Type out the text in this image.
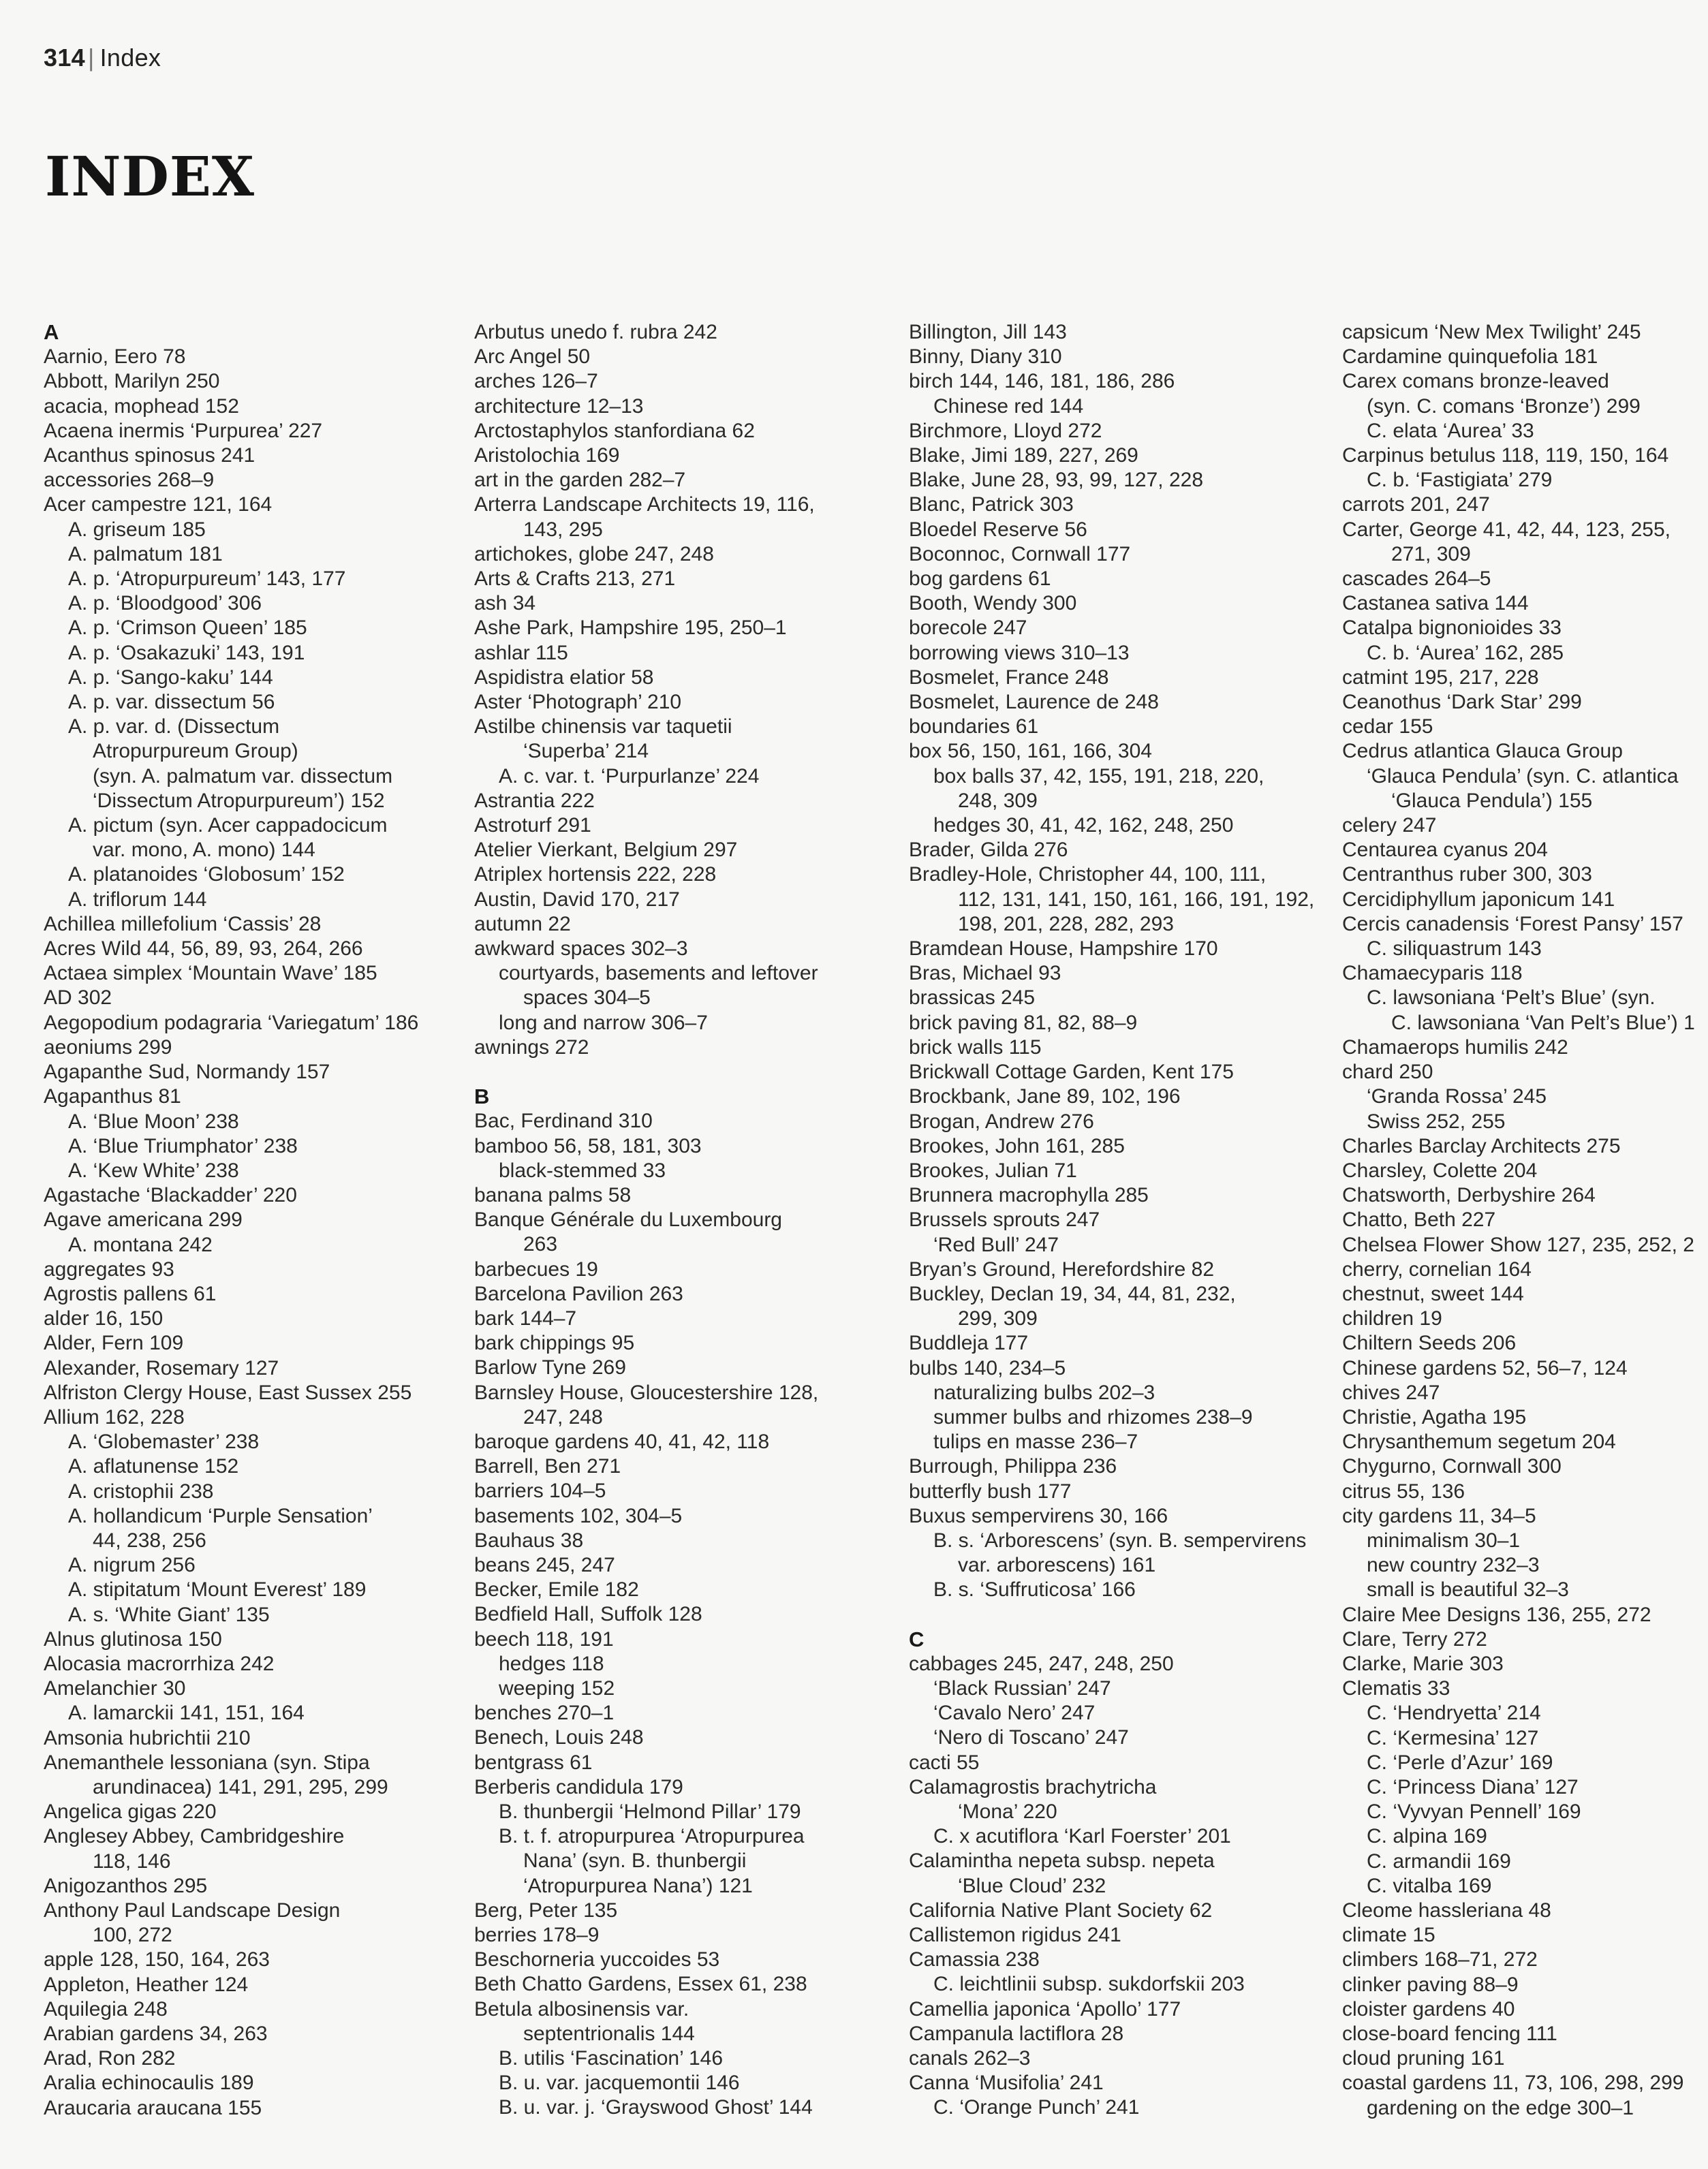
314 | Index
INDEX
A
Aarnio, Eero 78
Abbott, Marilyn 250
acacia, mophead 152
Acaena inermis ‘Purpurea’ 227
Acanthus spinosus 241
accessories 268–9
Acer campestre 121, 164
A. griseum 185
A. palmatum 181
A. p. ‘Atropurpureum’ 143, 177
A. p. ‘Bloodgood’ 306
A. p. ‘Crimson Queen’ 185
A. p. ‘Osakazuki’ 143, 191
A. p. ‘Sango-kaku’ 144
A. p. var. dissectum 56
A. p. var. d. (Dissectum
Atropurpureum Group)
(syn. A. palmatum var. dissectum
‘Dissectum Atropurpureum’) 152
A. pictum (syn. Acer cappadocicum
var. mono, A. mono) 144
A. platanoides ‘Globosum’ 152
A. triflorum 144
Achillea millefolium ‘Cassis’ 28
Acres Wild 44, 56, 89, 93, 264, 266
Actaea simplex ‘Mountain Wave’ 185
AD 302
Aegopodium podagraria ‘Variegatum’ 186
aeoniums 299
Agapanthe Sud, Normandy 157
Agapanthus 81
A. ‘Blue Moon’ 238
A. ‘Blue Triumphator’ 238
A. ‘Kew White’ 238
Agastache ‘Blackadder’ 220
Agave americana 299
A. montana 242
aggregates 93
Agrostis pallens 61
alder 16, 150
Alder, Fern 109
Alexander, Rosemary 127
Alfriston Clergy House, East Sussex 255
Allium 162, 228
A. ‘Globemaster’ 238
A. aflatunense 152
A. cristophii 238
A. hollandicum ‘Purple Sensation’
44, 238, 256
A. nigrum 256
A. stipitatum ‘Mount Everest’ 189
A. s. ‘White Giant’ 135
Alnus glutinosa 150
Alocasia macrorrhiza 242
Amelanchier 30
A. lamarckii 141, 151, 164
Amsonia hubrichtii 210
Anemanthele lessoniana (syn. Stipa
arundinacea) 141, 291, 295, 299
Angelica gigas 220
Anglesey Abbey, Cambridgeshire
118, 146
Anigozanthos 295
Anthony Paul Landscape Design
100, 272
apple 128, 150, 164, 263
Appleton, Heather 124
Aquilegia 248
Arabian gardens 34, 263
Arad, Ron 282
Aralia echinocaulis 189
Araucaria araucana 155
Arbutus unedo f. rubra 242
Arc Angel 50
arches 126–7
architecture 12–13
Arctostaphylos stanfordiana 62
Aristolochia 169
art in the garden 282–7
Arterra Landscape Architects 19, 116,
143, 295
artichokes, globe 247, 248
Arts & Crafts 213, 271
ash 34
Ashe Park, Hampshire 195, 250–1
ashlar 115
Aspidistra elatior 58
Aster ‘Photograph’ 210
Astilbe chinensis var taquetii
‘Superba’ 214
A. c. var. t. ‘Purpurlanze’ 224
Astrantia 222
Astroturf 291
Atelier Vierkant, Belgium 297
Atriplex hortensis 222, 228
Austin, David 170, 217
autumn 22
awkward spaces 302–3
courtyards, basements and leftover
spaces 304–5
long and narrow 306–7
awnings 272
B
Bac, Ferdinand 310
bamboo 56, 58, 181, 303
black-stemmed 33
banana palms 58
Banque Générale du Luxembourg
263
barbecues 19
Barcelona Pavilion 263
bark 144–7
bark chippings 95
Barlow Tyne 269
Barnsley House, Gloucestershire 128,
247, 248
baroque gardens 40, 41, 42, 118
Barrell, Ben 271
barriers 104–5
basements 102, 304–5
Bauhaus 38
beans 245, 247
Becker, Emile 182
Bedfield Hall, Suffolk 128
beech 118, 191
hedges 118
weeping 152
benches 270–1
Benech, Louis 248
bentgrass 61
Berberis candidula 179
B. thunbergii ‘Helmond Pillar’ 179
B. t. f. atropurpurea ‘Atropurpurea
Nana’ (syn. B. thunbergii
‘Atropurpurea Nana’) 121
Berg, Peter 135
berries 178–9
Beschorneria yuccoides 53
Beth Chatto Gardens, Essex 61, 238
Betula albosinensis var.
septentrionalis 144
B. utilis ‘Fascination’ 146
B. u. var. jacquemontii 146
B. u. var. j. ‘Grayswood Ghost’ 144
Billington, Jill 143
Binny, Diany 310
birch 144, 146, 181, 186, 286
Chinese red 144
Birchmore, Lloyd 272
Blake, Jimi 189, 227, 269
Blake, June 28, 93, 99, 127, 228
Blanc, Patrick 303
Bloedel Reserve 56
Boconnoc, Cornwall 177
bog gardens 61
Booth, Wendy 300
borecole 247
borrowing views 310–13
Bosmelet, France 248
Bosmelet, Laurence de 248
boundaries 61
box 56, 150, 161, 166, 304
box balls 37, 42, 155, 191, 218, 220,
248, 309
hedges 30, 41, 42, 162, 248, 250
Brader, Gilda 276
Bradley-Hole, Christopher 44, 100, 111,
112, 131, 141, 150, 161, 166, 191, 192,
198, 201, 228, 282, 293
Bramdean House, Hampshire 170
Bras, Michael 93
brassicas 245
brick paving 81, 82, 88–9
brick walls 115
Brickwall Cottage Garden, Kent 175
Brockbank, Jane 89, 102, 196
Brogan, Andrew 276
Brookes, John 161, 285
Brookes, Julian 71
Brunnera macrophylla 285
Brussels sprouts 247
‘Red Bull’ 247
Bryan’s Ground, Herefordshire 82
Buckley, Declan 19, 34, 44, 81, 232,
299, 309
Buddleja 177
bulbs 140, 234–5
naturalizing bulbs 202–3
summer bulbs and rhizomes 238–9
tulips en masse 236–7
Burrough, Philippa 236
butterfly bush 177
Buxus sempervirens 30, 166
B. s. ‘Arborescens’ (syn. B. sempervirens
var. arborescens) 161
B. s. ‘Suffruticosa’ 166
C
cabbages 245, 247, 248, 250
‘Black Russian’ 247
‘Cavalo Nero’ 247
‘Nero di Toscano’ 247
cacti 55
Calamagrostis brachytricha
‘Mona’ 220
C. x acutiflora ‘Karl Foerster’ 201
Calamintha nepeta subsp. nepeta
‘Blue Cloud’ 232
California Native Plant Society 62
Callistemon rigidus 241
Camassia 238
C. leichtlinii subsp. sukdorfskii 203
Camellia japonica ‘Apollo’ 177
Campanula lactiflora 28
canals 262–3
Canna ‘Musifolia’ 241
C. ‘Orange Punch’ 241
capsicum ‘New Mex Twilight’ 245
Cardamine quinquefolia 181
Carex comans bronze-leaved
(syn. C. comans ‘Bronze’) 299
C. elata ‘Aurea’ 33
Carpinus betulus 118, 119, 150, 164
C. b. ‘Fastigiata’ 279
carrots 201, 247
Carter, George 41, 42, 44, 123, 255,
271, 309
cascades 264–5
Castanea sativa 144
Catalpa bignonioides 33
C. b. ‘Aurea’ 162, 285
catmint 195, 217, 228
Ceanothus ‘Dark Star’ 299
cedar 155
Cedrus atlantica Glauca Group
‘Glauca Pendula’ (syn. C. atlantica
‘Glauca Pendula’) 155
celery 247
Centaurea cyanus 204
Centranthus ruber 300, 303
Cercidiphyllum japonicum 141
Cercis canadensis ‘Forest Pansy’ 157
C. siliquastrum 143
Chamaecyparis 118
C. lawsoniana ‘Pelt’s Blue’ (syn.
C. lawsoniana ‘Van Pelt’s Blue’) 1
Chamaerops humilis 242
chard 250
‘Granda Rossa’ 245
Swiss 252, 255
Charles Barclay Architects 275
Charsley, Colette 204
Chatsworth, Derbyshire 264
Chatto, Beth 227
Chelsea Flower Show 127, 235, 252, 2
cherry, cornelian 164
chestnut, sweet 144
children 19
Chiltern Seeds 206
Chinese gardens 52, 56–7, 124
chives 247
Christie, Agatha 195
Chrysanthemum segetum 204
Chygurno, Cornwall 300
citrus 55, 136
city gardens 11, 34–5
minimalism 30–1
new country 232–3
small is beautiful 32–3
Claire Mee Designs 136, 255, 272
Clare, Terry 272
Clarke, Marie 303
Clematis 33
C. ‘Hendryetta’ 214
C. ‘Kermesina’ 127
C. ‘Perle d’Azur’ 169
C. ‘Princess Diana’ 127
C. ‘Vyvyan Pennell’ 169
C. alpina 169
C. armandii 169
C. vitalba 169
Cleome hassleriana 48
climate 15
climbers 168–71, 272
clinker paving 88–9
cloister gardens 40
close-board fencing 111
cloud pruning 161
coastal gardens 11, 73, 106, 298, 299
gardening on the edge 300–1
